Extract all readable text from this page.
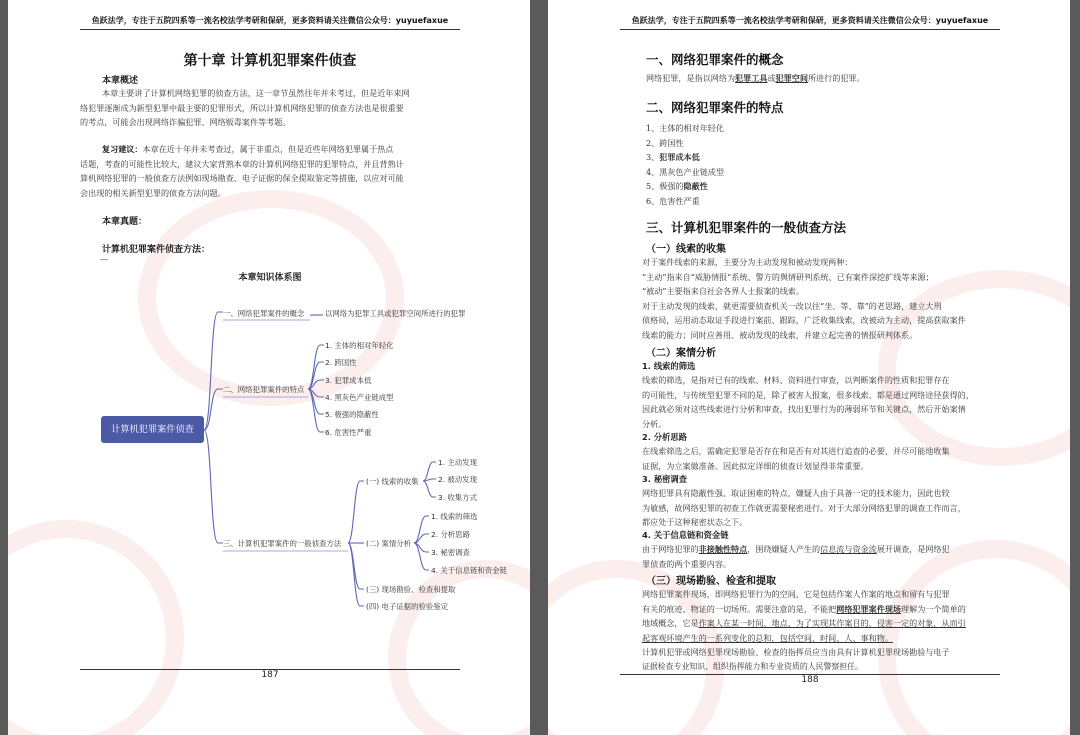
鱼跃法学，专注于五院四系等一流名校法学考研和保研，更多资料请关注微信公众号：yuyuefaxue
第十章 计算机犯罪案件侦查
本章概述
本章主要讲了计算机网络犯罪的侦查方法，这一章节虽然往年并未考过，但是近年来网
络犯罪逐渐成为新型犯罪中最主要的犯罪形式，所以计算机网络犯罪的侦查方法也是很重要
的考点，可能会出现网络诈骗犯罪、网络贩毒案件等考题。
复习建议：本章在近十年并未考查过，属于非重点，但是近些年网络犯罪属于热点
话题，考查的可能性比较大，建议大家背熟本章的计算机网络犯罪的犯罪特点，并且背熟计
算机网络犯罪的一般侦查方法例如现场勘查、电子证据的保全提取鉴定等措施，以应对可能
会出现的相关新型犯罪的侦查方法问题。
本章真题：
计算机犯罪案件侦查方法：
—
本章知识体系图
计算机犯罪案件侦查
一、网络犯罪案件的概念	以网络为犯罪工具或犯罪空间所进行的犯罪
二、网络犯罪案件的特点
1. 主体的相对年轻化
2. 跨国性
3. 犯罪成本低
4. 黑灰色产业链成型
5. 极强的隐蔽性
6. 危害性严重
三、计算机犯罪案件的一般侦查方法
(一) 线索的收集
1. 主动发现
2. 被动发现
3. 收集方式
(二) 案情分析
1. 线索的筛选
2. 分析思路
3. 秘密调查
4. 关于信息链和资金链
(三) 现场勘验、检查和提取
(四) 电子证据的检验鉴定
187
鱼跃法学，专注于五院四系等一流名校法学考研和保研，更多资料请关注微信公众号：yuyuefaxue
一、网络犯罪案件的概念
网络犯罪，是指以网络为犯罪工具或犯罪空间所进行的犯罪。
二、网络犯罪案件的特点
1、主体的相对年轻化
2、跨国性
3、犯罪成本低
4、黑灰色产业链成型
5、极强的隐蔽性
6、危害性严重
三、计算机犯罪案件的一般侦查方法
（一）线索的收集
对于案件线索的来源，主要分为主动发现和被动发现两种：
“主动”指来自“威胁情报”系统、警方的舆情研判系统、已有案件深挖扩线等来源；
“被动”主要指来自社会各界人士报案的线索。
对于主动发现的线索，就更需要侦查机关一改以往“坐、等、靠”的老思路，建立大刑
侦格局，运用动态取证手段进行案前、跟踪，广泛收集线索，改被动为主动，提高获取案件
线索的能力；同时应善用、被动发现的线索，并建立起完善的情报研判体系。
（二）案情分析
1. 线索的筛选
线索的筛选，是指对已有的线索、材料、资料进行审查，以判断案件的性质和犯罪存在
的可能性，与传统型犯罪不同的是，除了被害人报案，很多线索、都是通过网络途径获得的，
因此就必须对这些线索进行分析和审查，找出犯罪行为的薄弱环节和关键点，然后开始案情
分析。
2. 分析思路
在线索筛选之后，需确定犯罪是否存在和是否有对其进行追查的必要，并尽可能地收集
证据，为立案做准备。因此拟定详细的侦查计划显得非常重要。
3. 秘密调查
网络犯罪具有隐蔽性强、取证困难的特点，嫌疑人由于具备一定的技术能力，因此也较
为敏感，故网络犯罪的初查工作就更需要秘密进行。对于大部分网络犯罪的调查工作而言，
都应处于这种秘密状态之下。
4. 关于信息链和资金链
由于网络犯罪的非接触性特点，围绕嫌疑人产生的信息流与资金流展开调查，是网络犯
罪侦查的两个重要内容。
（三）现场勘验、检查和提取
网络犯罪案件现场，即网络犯罪行为的空间，它是包括作案人作案的地点和留有与犯罪
有关的痕迹、物证的一切场所。需要注意的是，不能把网络犯罪案件现场理解为一个简单的
地域概念，它是作案人在某一时间、地点，为了实现其作案目的，侵害一定的对象，从而引
起客观环境产生的一系列变化的总和，包括空间、时间、人、事和物。
计算机犯罪或网络犯罪现场勘验、检查的指挥员应当由具有计算机犯罪现场勘验与电子
证据检查专业知识、组织指挥能力和专业资质的人民警察担任。
188
